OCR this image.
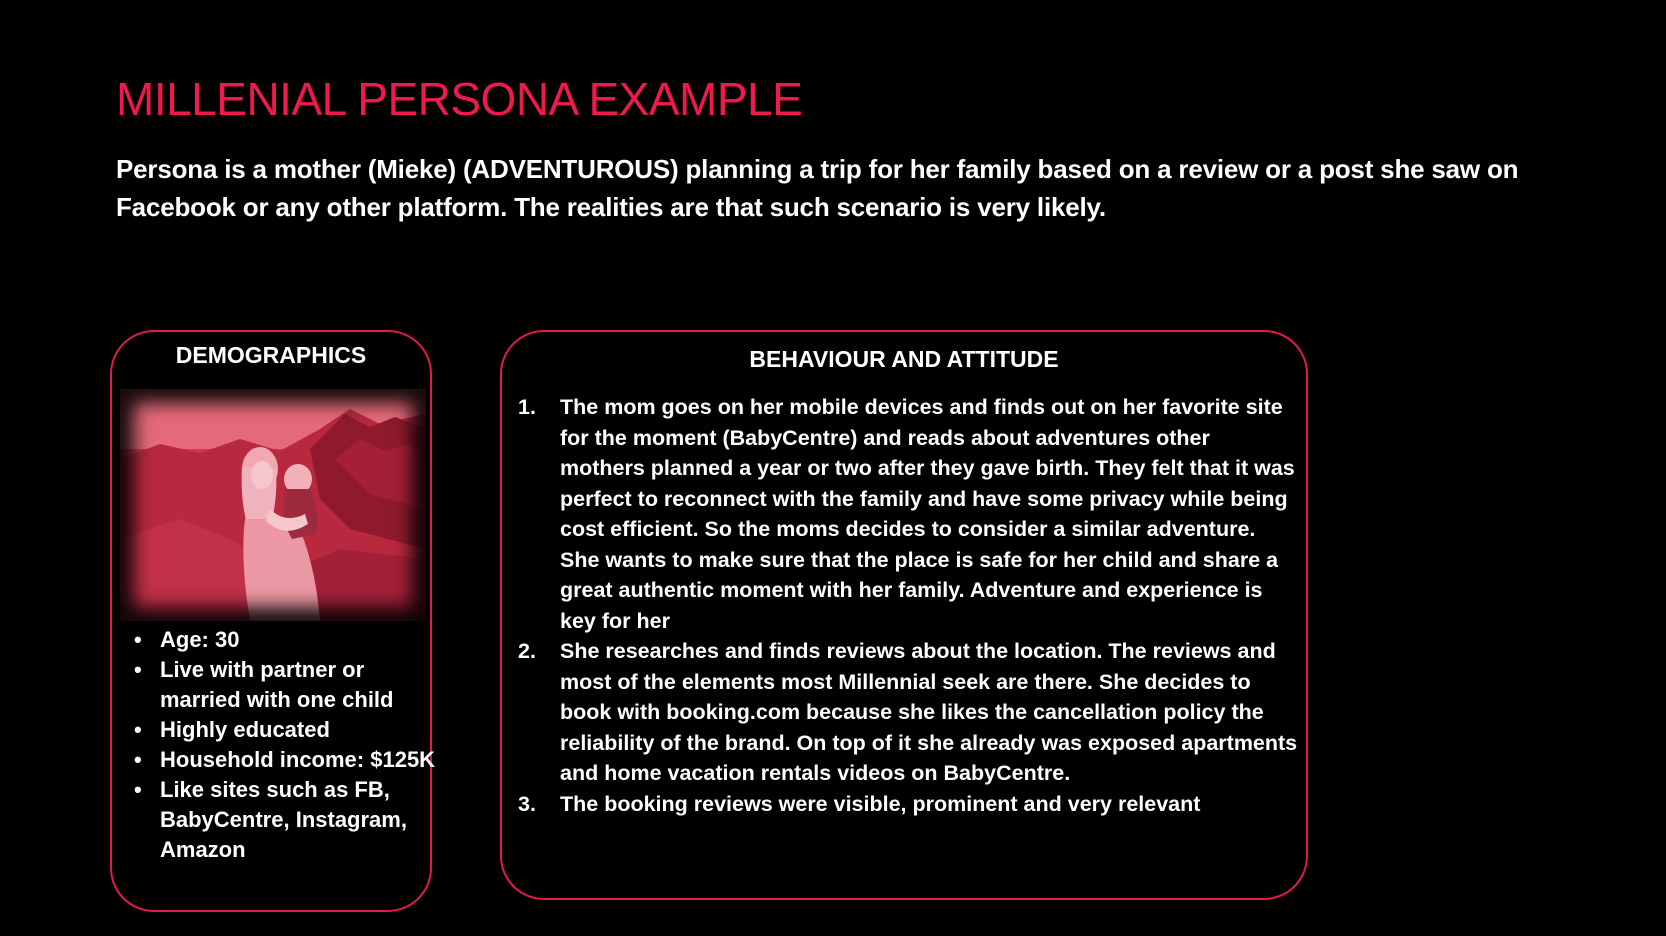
MILLENIAL PERSONA EXAMPLE

Persona is a mother (Mieke) (ADVENTUROUS) planning a trip for her family based on a review or a post she saw on Facebook or any other platform. The realities are that such scenario is very likely.

DEMOGRAPHICS
• Age: 30
• Live with partner or married with one child
• Highly educated
• Household income: $125K
• Like sites such as FB, BabyCentre, Instagram, Amazon
BEHAVIOUR AND ATTITUDE
1. The mom goes on her mobile devices and finds out on her favorite site for the moment (BabyCentre) and reads about adventures other mothers planned a year or two after they gave birth. They felt that it was perfect to reconnect with the family and have some privacy while being cost efficient. So the moms decides to consider a similar adventure. She wants to make sure that the place is safe for her child and share a great authentic moment with her family. Adventure and experience is key for her
2. She researches and finds reviews about the location. The reviews and most of the elements most Millennial seek are there. She decides to book with booking.com because she likes the cancellation policy the reliability of the brand. On top of it she already was exposed apartments and home vacation rentals videos on BabyCentre.
3. The booking reviews were visible, prominent and very relevant
